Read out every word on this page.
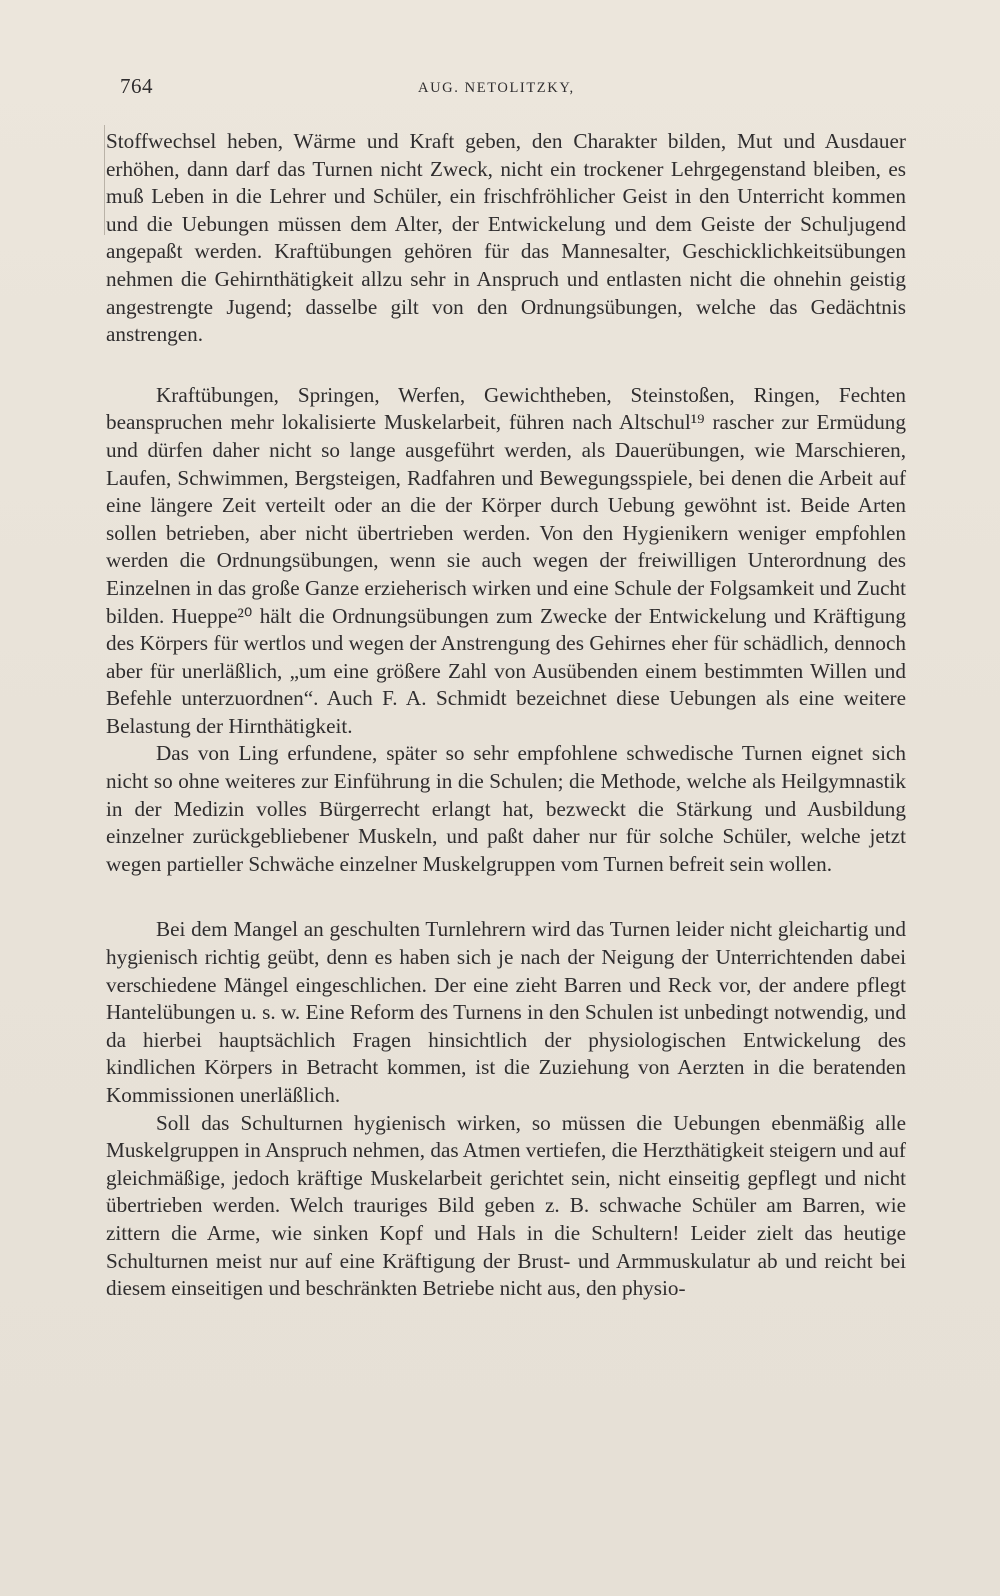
764	AUG. NETOLITZKY,

Stoffwechsel heben, Wärme und Kraft geben, den Charakter bilden, Mut und Ausdauer erhöhen, dann darf das Turnen nicht Zweck, nicht ein trockener Lehrgegenstand bleiben, es muß Leben in die Lehrer und Schüler, ein frischfröhlicher Geist in den Unterricht kommen und die Uebungen müssen dem Alter, der Entwickelung und dem Geiste der Schuljugend angepaßt werden. Kraftübungen gehören für das Mannesalter, Geschicklichkeitsübungen nehmen die Gehirnthätigkeit allzu sehr in Anspruch und entlasten nicht die ohnehin geistig angestrengte Jugend; dasselbe gilt von den Ordnungsübungen, welche das Gedächtnis anstrengen.

Kraftübungen, Springen, Werfen, Gewichtheben, Steinstoßen, Ringen, Fechten beanspruchen mehr lokalisierte Muskelarbeit, führen nach Altschul¹⁹ rascher zur Ermüdung und dürfen daher nicht so lange ausgeführt werden, als Dauerübungen, wie Marschieren, Laufen, Schwimmen, Bergsteigen, Radfahren und Bewegungsspiele, bei denen die Arbeit auf eine längere Zeit verteilt oder an die der Körper durch Uebung gewöhnt ist. Beide Arten sollen betrieben, aber nicht übertrieben werden. Von den Hygienikern weniger empfohlen werden die Ordnungsübungen, wenn sie auch wegen der freiwilligen Unterordnung des Einzelnen in das große Ganze erzieherisch wirken und eine Schule der Folgsamkeit und Zucht bilden. Hueppe²⁰ hält die Ordnungsübungen zum Zwecke der Entwickelung und Kräftigung des Körpers für wertlos und wegen der Anstrengung des Gehirnes eher für schädlich, dennoch aber für unerläßlich, „um eine größere Zahl von Ausübenden einem bestimmten Willen und Befehle unterzuordnen“. Auch F. A. Schmidt bezeichnet diese Uebungen als eine weitere Belastung der Hirnthätigkeit.

Das von Ling erfundene, später so sehr empfohlene schwedische Turnen eignet sich nicht so ohne weiteres zur Einführung in die Schulen; die Methode, welche als Heilgymnastik in der Medizin volles Bürgerrecht erlangt hat, bezweckt die Stärkung und Ausbildung einzelner zurückgebliebener Muskeln, und paßt daher nur für solche Schüler, welche jetzt wegen partieller Schwäche einzelner Muskelgruppen vom Turnen befreit sein wollen.

Bei dem Mangel an geschulten Turnlehrern wird das Turnen leider nicht gleichartig und hygienisch richtig geübt, denn es haben sich je nach der Neigung der Unterrichtenden dabei verschiedene Mängel eingeschlichen. Der eine zieht Barren und Reck vor, der andere pflegt Hantelübungen u. s. w. Eine Reform des Turnens in den Schulen ist unbedingt notwendig, und da hierbei hauptsächlich Fragen hinsichtlich der physiologischen Entwickelung des kindlichen Körpers in Betracht kommen, ist die Zuziehung von Aerzten in die beratenden Kommissionen unerläßlich.

Soll das Schulturnen hygienisch wirken, so müssen die Uebungen ebenmäßig alle Muskelgruppen in Anspruch nehmen, das Atmen vertiefen, die Herzthätigkeit steigern und auf gleichmäßige, jedoch kräftige Muskelarbeit gerichtet sein, nicht einseitig gepflegt und nicht übertrieben werden. Welch trauriges Bild geben z. B. schwache Schüler am Barren, wie zittern die Arme, wie sinken Kopf und Hals in die Schultern! Leider zielt das heutige Schulturnen meist nur auf eine Kräftigung der Brust- und Armmuskulatur ab und reicht bei diesem einseitigen und beschränkten Betriebe nicht aus, den physio-
